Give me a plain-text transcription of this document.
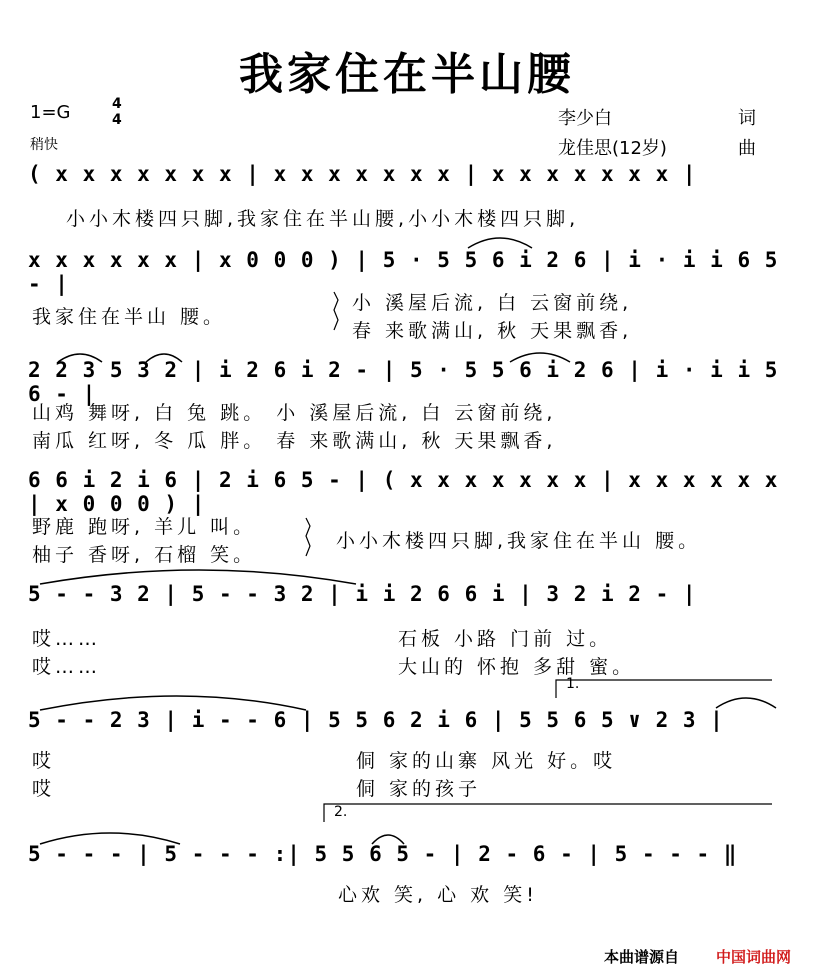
我家住在半山腰
1=G	4
4
稍快
李少白	词
龙佳思(12岁)	曲
( x x x x x x x | x x x x x x x | x x x x x x x |
小小木楼四只脚,我家住在半山腰,小小木楼四只脚,
x x x x x x | x 0 0 0 ) | 5 · 5 5 6 i 2 6 | i · i i 6 5 - |
我家住在半山 腰。
小 溪屋后流, 白 云窗前绕,
春 来歌满山, 秋 天果飘香,
2 2 3 5 3 2 | i 2 6 i 2 - | 5 · 5 5 6 i 2 6 | i · i i 5 6 - |
山鸡 舞呀, 白 兔 跳。 小 溪屋后流, 白 云窗前绕,
南瓜 红呀, 冬 瓜 胖。 春 来歌满山, 秋 天果飘香,
6 6 i 2 i 6 | 2 i 6 5 - | ( x x x x x x x | x x x x x x | x 0 0 0 ) |
野鹿 跑呀, 羊儿 叫。
柚子 香呀, 石榴 笑。
小小木楼四只脚,我家住在半山 腰。
5 - - 3 2 | 5 - - 3 2 | i i 2 6 6 i | 3 2 i 2 - |
哎……
哎……
石板 小路 门前 过。
大山的 怀抱 多甜 蜜。
1.
5 - - 2 3 | i - - 6 | 5 5 6 2 i 6 | 5 5 6 5 ∨ 2 3 |
哎
哎
侗 家的山寨 风光 好。哎
侗 家的孩子
2.
5 - - - | 5 - - - :| 5 5 6 5 - | 2 - 6 - | 5 - - - ‖
心欢 笑, 心 欢 笑!
本曲谱源自 中国词曲网
